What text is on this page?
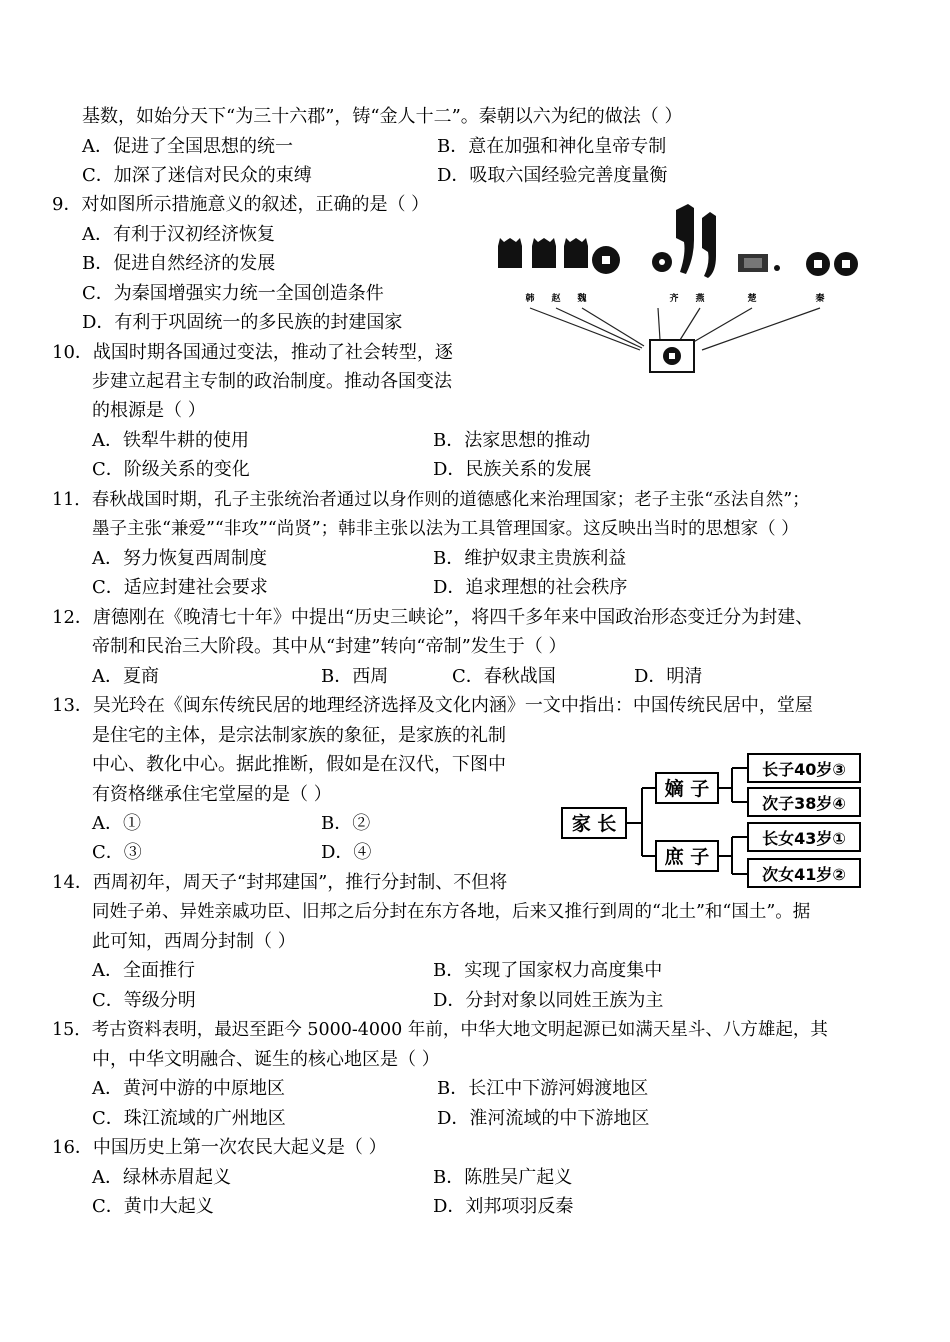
基数，如始分天下“为三十六郡”，铸“金人十二”。秦朝以六为纪的做法（ ）
A．促进了全国思想的统一	B．意在加强和神化皇帝专制
C．加深了迷信对民众的束缚	D．吸取六国经验完善度量衡
9．对如图所示措施意义的叙述，正确的是（ ）
A．有利于汉初经济恢复
B．促进自然经济的发展
C．为秦国增强实力统一全国创造条件
D．有利于巩固统一的多民族的封建国家
韩 赵 魏	齐 燕	楚	秦
10．战国时期各国通过变法，推动了社会转型，逐
步建立起君主专制的政治制度。推动各国变法
的根源是（ ）
A．铁犁牛耕的使用	B．法家思想的推动
C．阶级关系的变化	D．民族关系的发展
11．春秋战国时期，孔子主张统治者通过以身作则的道德感化来治理国家；老子主张“丞法自然”；
墨子主张“兼爱”“非攻”“尚贤”；韩非主张以法为工具管理国家。这反映出当时的思想家（ ）
A．努力恢复西周制度	B．维护奴隶主贵族利益
C．适应封建社会要求	D．追求理想的社会秩序
12．唐德刚在《晚清七十年》中提出“历史三峡论”，将四千多年来中国政治形态变迁分为封建、
帝制和民治三大阶段。其中从“封建”转向“帝制”发生于（ ）
A．夏商	B．西周	C．春秋战国	D．明清
13．吴光玲在《闽东传统民居的地理经济选择及文化内涵》一文中指出：中国传统民居中，堂屋
是住宅的主体，是宗法制家族的象征，是家族的礼制
中心、教化中心。据此推断，假如是在汉代，下图中
有资格继承住宅堂屋的是（ ）
A．①	B．②
C．③	D．④
家 长
嫡 子
庶 子
长子40岁③
次子38岁④
长女43岁①
次女41岁②
14．西周初年，周天子“封邦建国”，推行分封制、不但将
同姓子弟、异姓亲戚功臣、旧邦之后分封在东方各地，后来又推行到周的“北土”和“国土”。据
此可知，西周分封制（ ）
A．全面推行	B．实现了国家权力高度集中
C．等级分明	D．分封对象以同姓王族为主
15．考古资料表明，最迟至距今 5000-4000 年前，中华大地文明起源已如满天星斗、八方雄起，其
中，中华文明融合、诞生的核心地区是（ ）
A．黄河中游的中原地区	B．长江中下游河姆渡地区
C．珠江流域的广州地区	D．淮河流域的中下游地区
16．中国历史上第一次农民大起义是（ ）
A．绿林赤眉起义	B．陈胜吴广起义
C．黄巾大起义	D．刘邦项羽反秦
